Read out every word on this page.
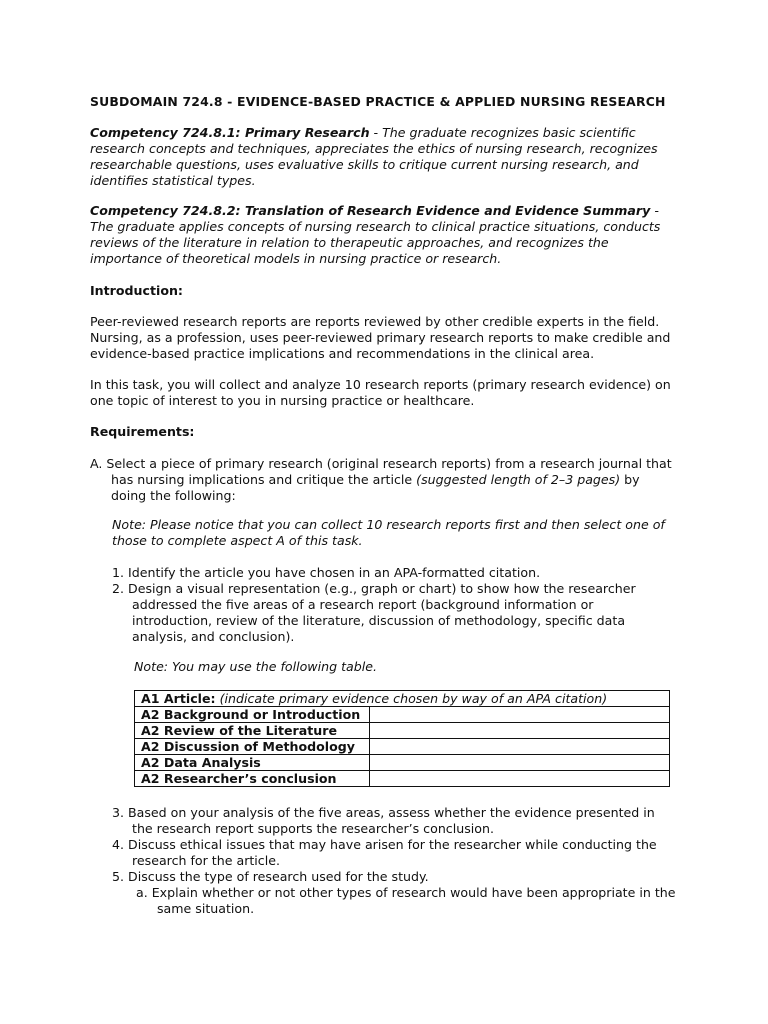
SUBDOMAIN 724.8 - EVIDENCE-BASED PRACTICE & APPLIED NURSING RESEARCH

Competency 724.8.1: Primary Research - The graduate recognizes basic scientific
research concepts and techniques, appreciates the ethics of nursing research, recognizes
researchable questions, uses evaluative skills to critique current nursing research, and
identifies statistical types.

Competency 724.8.2: Translation of Research Evidence and Evidence Summary -
The graduate applies concepts of nursing research to clinical practice situations, conducts
reviews of the literature in relation to therapeutic approaches, and recognizes the
importance of theoretical models in nursing practice or research.

Introduction:

Peer-reviewed research reports are reports reviewed by other credible experts in the field.
Nursing, as a profession, uses peer-reviewed primary research reports to make credible and
evidence-based practice implications and recommendations in the clinical area.

In this task, you will collect and analyze 10 research reports (primary research evidence) on
one topic of interest to you in nursing practice or healthcare.

Requirements:

A. Select a piece of primary research (original research reports) from a research journal that
has nursing implications and critique the article (suggested length of 2–3 pages) by
doing the following:

Note: Please notice that you can collect 10 research reports first and then select one of
those to complete aspect A of this task.

1. Identify the article you have chosen in an APA-formatted citation.
2. Design a visual representation (e.g., graph or chart) to show how the researcher
addressed the five areas of a research report (background information or
introduction, review of the literature, discussion of methodology, specific data
analysis, and conclusion).

Note: You may use the following table.

A1 Article: (indicate primary evidence chosen by way of an APA citation)	
A2 Background or Introduction	
A2 Review of the Literature	
A2 Discussion of Methodology	
A2 Data Analysis	
A2 Researcher’s conclusion	
3. Based on your analysis of the five areas, assess whether the evidence presented in
the research report supports the researcher’s conclusion.
4. Discuss ethical issues that may have arisen for the researcher while conducting the
research for the article.
5. Discuss the type of research used for the study.
a. Explain whether or not other types of research would have been appropriate in the
same situation.
